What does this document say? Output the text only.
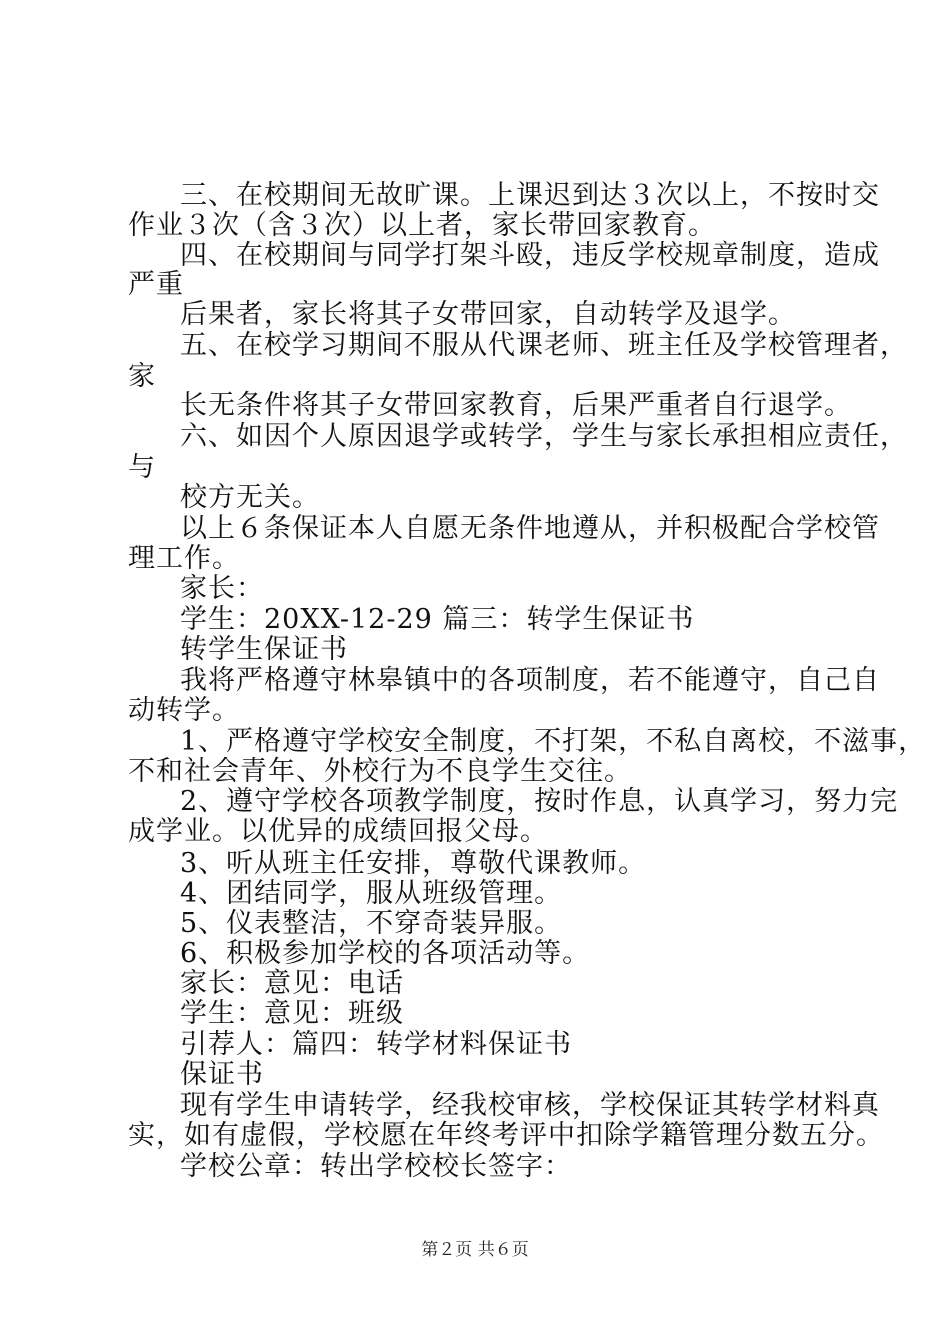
三、在校期间无故旷课。上课迟到达３次以上，不按时交
作业３次（含３次）以上者，家长带回家教育。
四、在校期间与同学打架斗殴，违反学校规章制度，造成
严重
后果者，家长将其子女带回家，自动转学及退学。
五、在校学习期间不服从代课老师、班主任及学校管理者，
家
长无条件将其子女带回家教育，后果严重者自行退学。
六、如因个人原因退学或转学，学生与家长承担相应责任，
与
校方无关。
以上６条保证本人自愿无条件地遵从，并积极配合学校管
理工作。
家长：
学生：20XX-12-29 篇三：转学生保证书
转学生保证书
我将严格遵守林皋镇中的各项制度，若不能遵守，自己自
动转学。
1、严格遵守学校安全制度，不打架，不私自离校，不滋事，
不和社会青年、外校行为不良学生交往。
2、遵守学校各项教学制度，按时作息，认真学习，努力完
成学业。以优异的成绩回报父母。
3、听从班主任安排，尊敬代课教师。
4、团结同学，服从班级管理。
5、仪表整洁，不穿奇装异服。
6、积极参加学校的各项活动等。
家长：意见：电话
学生：意见：班级
引荐人：篇四：转学材料保证书
保证书
现有学生申请转学，经我校审核，学校保证其转学材料真
实，如有虚假，学校愿在年终考评中扣除学籍管理分数五分。
学校公章：转出学校校长签字：
第２页 共６页
